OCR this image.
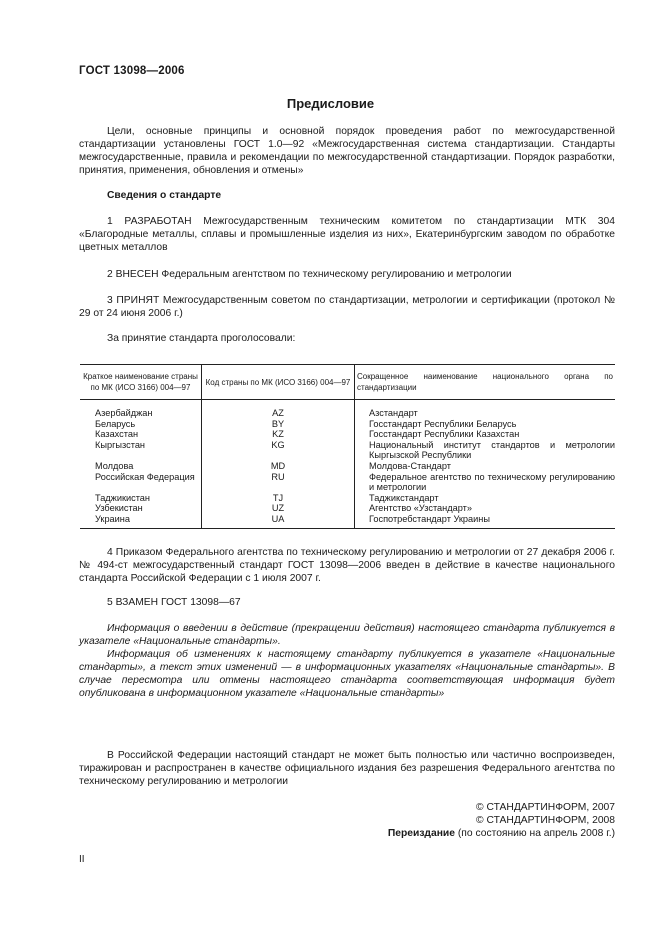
ГОСТ 13098—2006
Предисловие

Цели, основные принципы и основной порядок проведения работ по межгосударственной стандартизации установлены ГОСТ 1.0—92 «Межгосударственная система стандартизации. Стандарты межгосударственные, правила и рекомендации по межгосударственной стандартизации. Порядок разработки, принятия, применения, обновления и отмены»

Сведения о стандарте

1 РАЗРАБОТАН Межгосударственным техническим комитетом по стандартизации МТК 304 «Благородные металлы, сплавы и промышленные изделия из них», Екатеринбургским заводом по обработке цветных металлов

2 ВНЕСЕН Федеральным агентством по техническому регулированию и метрологии

3 ПРИНЯТ Межгосударственным советом по стандартизации, метрологии и сертификации (протокол № 29 от 24 июня 2006 г.)

За принятие стандарта проголосовали:
Краткое наименование страны по МК (ИСО 3166) 004—97	Код страны по МК (ИСО 3166) 004—97	Сокращенное наименование национального органа по стандартизации
Азербайджан	AZ	Азстандарт
Беларусь	BY	Госстандарт Республики Беларусь
Казахстан	KZ	Госстандарт Республики Казахстан
Кыргызстан	KG	Национальный институт стандартов и метрологии Кыргызской Республики
Молдова	MD	Молдова-Стандарт
Российская Федерация	RU	Федеральное агентство по техническому регулированию и метрологии
Таджикистан	TJ	Таджикстандарт
Узбекистан	UZ	Агентство «Узстандарт»
Украина	UA	Госпотребстандарт Украины

4 Приказом Федерального агентства по техническому регулированию и метрологии от 27 декабря 2006 г. № 494-ст межгосударственный стандарт ГОСТ 13098—2006 введен в действие в качестве национального стандарта Российской Федерации с 1 июля 2007 г.

5 ВЗАМЕН ГОСТ 13098—67

Информация о введении в действие (прекращении действия) настоящего стандарта публикуется в указателе «Национальные стандарты».

Информация об изменениях к настоящему стандарту публикуется в указателе «Национальные стандарты», а текст этих изменений — в информационных указателях «Национальные стандарты». В случае пересмотра или отмены настоящего стандарта соответствующая информация будет опубликована в информационном указателе «Национальные стандарты»

В Российской Федерации настоящий стандарт не может быть полностью или частично воспроизведен, тиражирован и распространен в качестве официального издания без разрешения Федерального агентства по техническому регулированию и метрологии

© СТАНДАРТИНФОРМ, 2007
© СТАНДАРТИНФОРМ, 2008
Переиздание (по состоянию на апрель 2008 г.)
II
